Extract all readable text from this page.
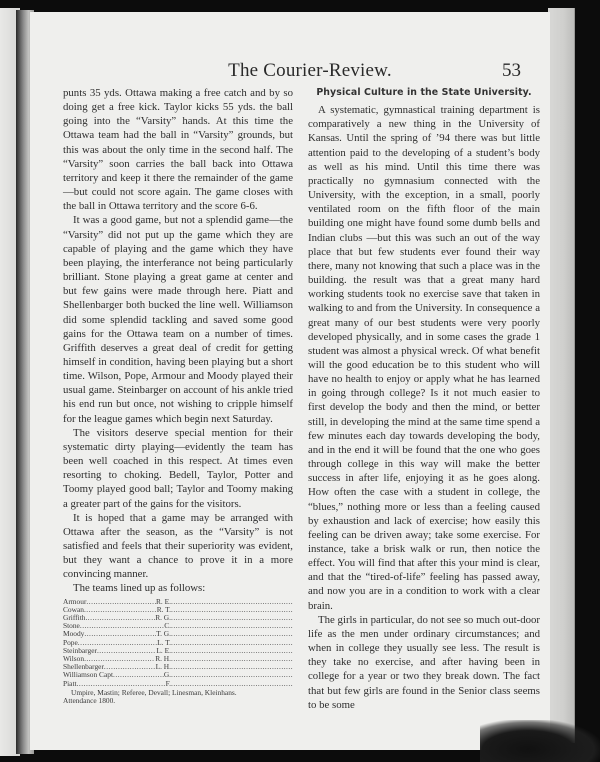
The Courier-Review.	53

punts 35 yds. Ottawa making a free catch and by so doing get a free kick. Taylor kicks 55 yds. the ball going into the “Varsity” hands. At this time the Ottawa team had the ball in “Varsity” grounds, but this was about the only time in the second half. The “Varsity” soon carries the ball back into Ottawa territory and keep it there the remainder of the game—but could not score again. The game closes with the ball in Ottawa territory and the score 6-6.

It was a good game, but not a splendid game—the “Varsity” did not put up the game which they are capable of playing and the game which they have been playing, the interferance not being particularly brilliant. Stone playing a great game at center and but few gains were made through here. Piatt and Shellenbarger both bucked the line well. Williamson did some splendid tackling and saved some good gains for the Ottawa team on a number of times. Griffith deserves a great deal of credit for getting himself in condition, having been playing but a short time. Wilson, Pope, Armour and Moody played their usual game. Steinbarger on account of his ankle tried his end run but once, not wishing to cripple himself for the league games which begin next Saturday.

The visitors deserve special mention for their systematic dirty playing—evidently the team has been well coached in this respect. At times even resorting to choking. Bedell, Taylor, Potter and Toomy played good ball; Taylor and Toomy making a greater part of the gains for the visitors.

It is hoped that a game may be arranged with Ottawa after the season, as the “Varsity” is not satisfied and feels that their superiority was evident, but they want a chance to prove it in a more convincing manner.

The teams lined up as follows:

Armour .....	R. E.
.....
Cowan .....	R. T.
.....
Griffith .....	R. G.
.....
Stone .....	C.
.....
Moody .....	T. G.
.....
Pope .....	L. T.
.....
Steinbarger .....	L. E.
.....
Wilson .....	R. H.
.....
Shellenbarger .....	L. H.
.....
Williamson Capt .....	G.
.....
Piatt .....	F.
.....
Umpire, Mastin; Referee, Devall; Linesman, Kleinhans.
Attendance 1800.
Physical Culture in the State University.

A systematic, gymnastical training department is comparatively a new thing in the University of Kansas. Until the spring of ’94 there was but little attention paid to the developing of a student’s body as well as his mind. Until this time there was practically no gymnasium connected with the University, with the exception, in a small, poorly ventilated room on the fifth floor of the main building one might have found some dumb bells and Indian clubs —but this was such an out of the way place that but few students ever found their way there, many not knowing that such a place was in the building. the result was that a great many hard working students took no exercise save that taken in walking to and from the University. In consequence a great many of our best students were very poorly developed physically, and in some cases the grade 1 student was almost a physical wreck. Of what benefit will the good education be to this student who will have no health to enjoy or apply what he has learned in going through college? Is it not much easier to first develop the body and then the mind, or better still, in developing the mind at the same time spend a few minutes each day towards developing the body, and in the end it will be found that the one who goes through college in this way will make the better success in after life, enjoying it as he goes along. How often the case with a student in college, the “blues,” nothing more or less than a feeling caused by exhaustion and lack of exercise; how easily this feeling can be driven away; take some exercise. For instance, take a brisk walk or run, then notice the effect. You will find that after this your mind is clear, and that the “tired-of-life” feeling has passed away, and now you are in a condition to work with a clear brain.

The girls in particular, do not see so much out-door life as the men under ordinary circumstances; and when in college they usually see less. The result is they take no exercise, and after having been in college for a year or two they break down. The fact that but few girls are found in the Senior class seems to be some
